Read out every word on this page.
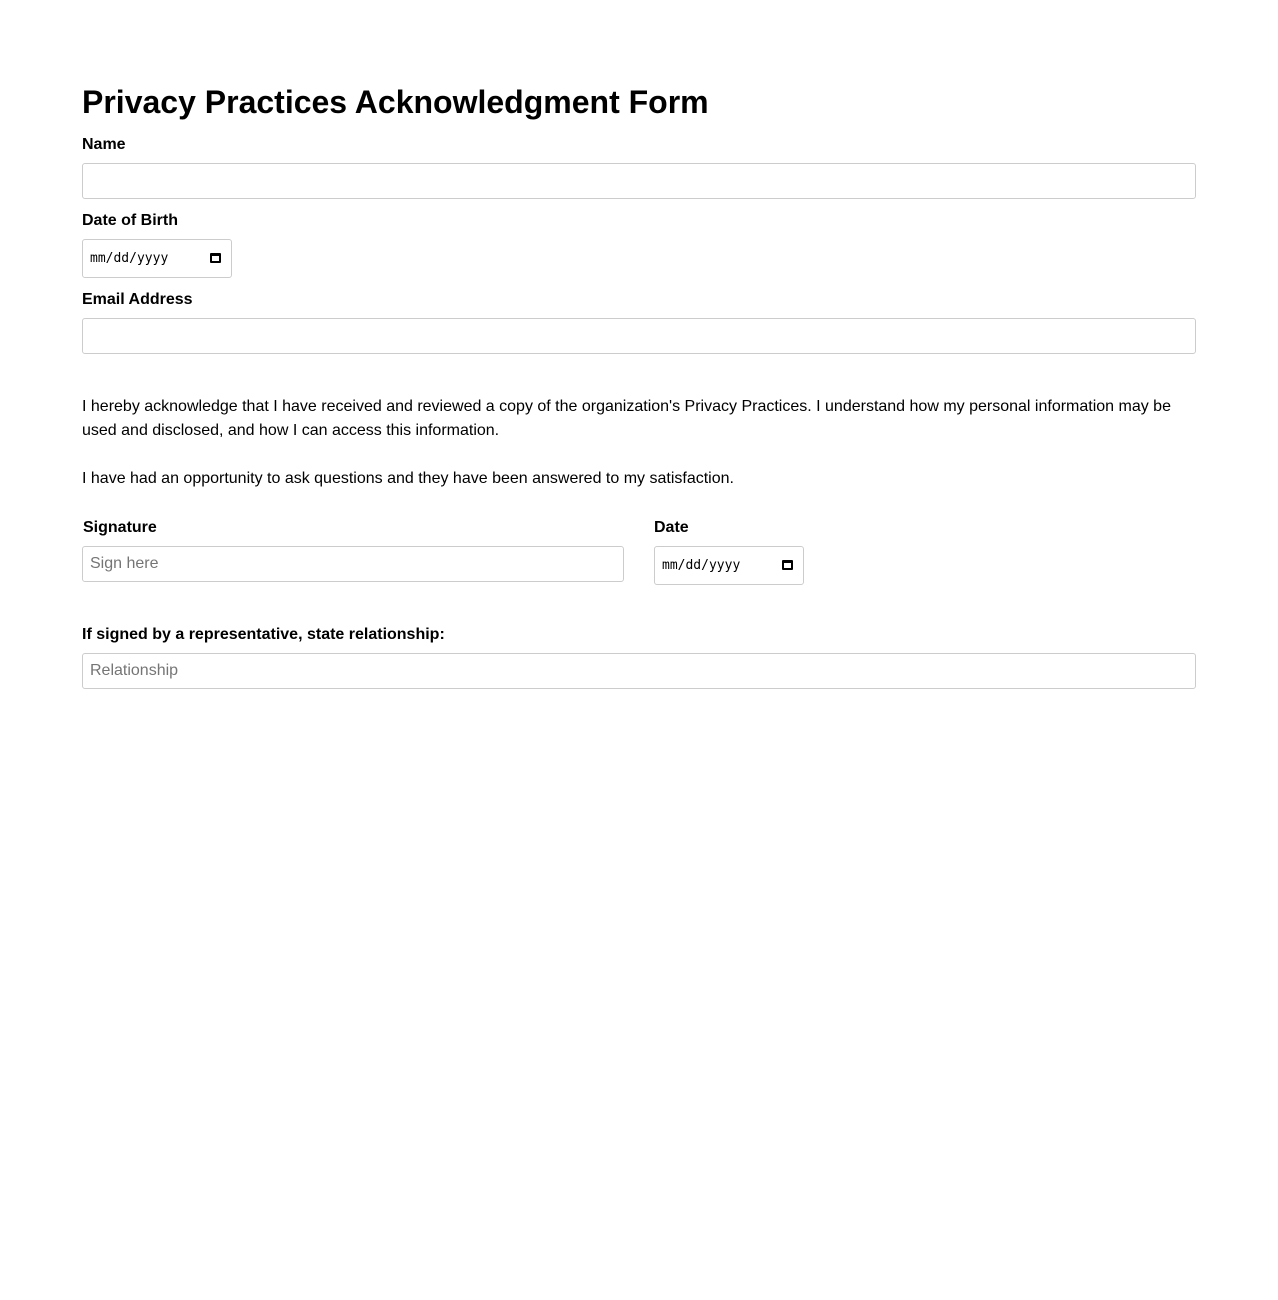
Privacy Practices Acknowledgment Form
Name
Date of Birth
mm/dd/yyyy
Email Address

I hereby acknowledge that I have received and reviewed a copy of the organization's Privacy Practices. I understand how my personal information may be used and disclosed, and how I can access this information.

I have had an opportunity to ask questions and they have been answered to my satisfaction.

Signature
Sign here	Date
mm/dd/yyyy
If signed by a representative, state relationship:
Relationship
